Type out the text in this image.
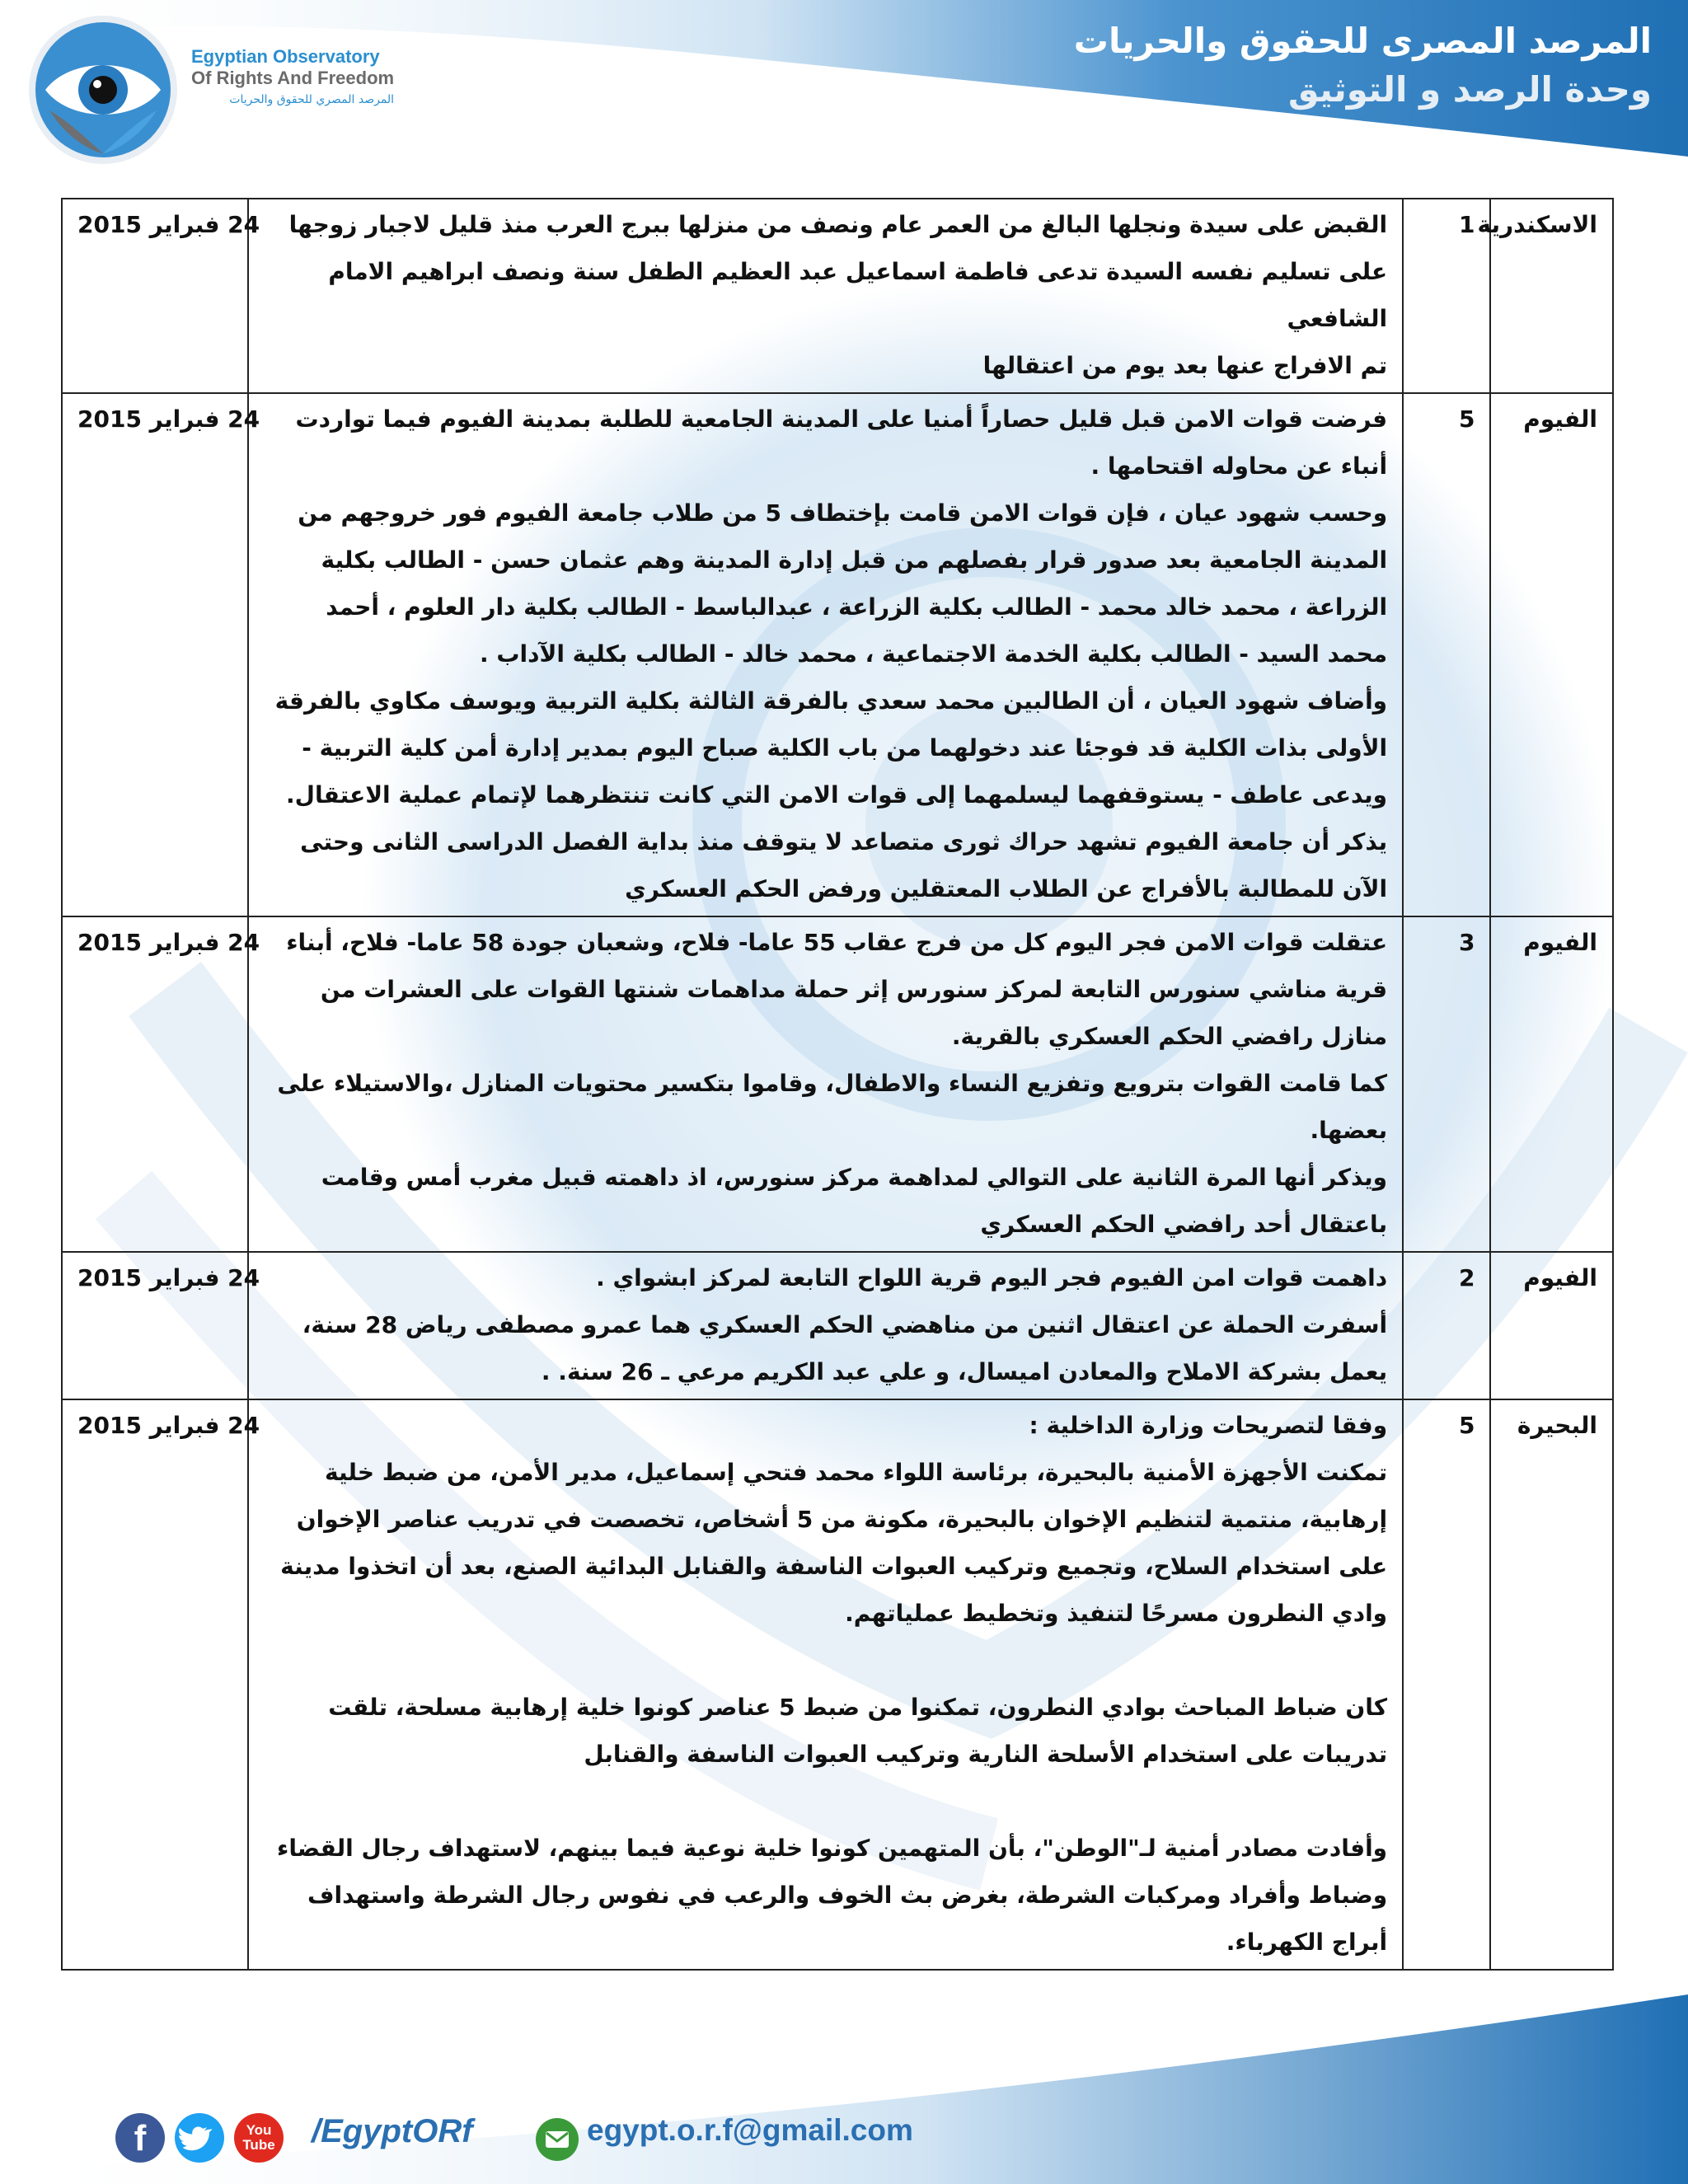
Egyptian Observatory
Of Rights And Freedom
المرصد المصري للحقوق والحريات
المرصد المصرى للحقوق والحريات
وحدة الرصد و التوثيق
الاسكندرية	1	القبض على سيدة ونجلها البالغ من العمر عام ونصف من منزلها ببرج العرب منذ قليل لاجبار زوجها على تسليم نفسه السيدة تدعى فاطمة اسماعيل عبد العظيم الطفل سنة ونصف ابراهيم الامام الشافعي
تم الافراج عنها بعد يوم من اعتقالها	24 فبراير 2015
الفيوم	5	فرضت قوات الامن قبل قليل حصاراً أمنيا على المدينة الجامعية للطلبة بمدينة الفيوم فيما تواردت أنباء عن محاوله اقتحامها .
وحسب شهود عيان ، فإن قوات الامن قامت بإختطاف 5 من طلاب جامعة الفيوم فور خروجهم من المدينة الجامعية بعد صدور قرار بفصلهم من قبل إدارة المدينة وهم عثمان حسن - الطالب بكلية الزراعة ، محمد خالد محمد - الطالب بكلية الزراعة ، عبدالباسط - الطالب بكلية دار العلوم ، أحمد محمد السيد - الطالب بكلية الخدمة الاجتماعية ، محمد خالد - الطالب بكلية الآداب .
وأضاف شهود العيان ، أن الطالبين محمد سعدي بالفرقة الثالثة بكلية التربية ويوسف مكاوي بالفرقة الأولى بذات الكلية قد فوجئا عند دخولهما من باب الكلية صباح اليوم بمدير إدارة أمن كلية التربية - ويدعى عاطف - يستوقفهما ليسلمهما إلى قوات الامن التي كانت تنتظرهما لإتمام عملية الاعتقال.
يذكر أن جامعة الفيوم تشهد حراك ثورى متصاعد لا يتوقف منذ بداية الفصل الدراسى الثانى وحتى الآن للمطالبة بالأفراج عن الطلاب المعتقلين ورفض الحكم العسكري	24 فبراير 2015
الفيوم	3	عتقلت قوات الامن فجر اليوم كل من فرج عقاب 55 عاما- فلاح، وشعبان جودة 58 عاما- فلاح، أبناء قرية مناشي سنورس التابعة لمركز سنورس إثر حملة مداهمات شنتها القوات على العشرات من منازل رافضي الحكم العسكري بالقرية.
كما قامت القوات بترويع وتفزيع النساء والاطفال، وقاموا بتكسير محتويات المنازل ،والاستيلاء على بعضها.
ويذكر أنها المرة الثانية على التوالي لمداهمة مركز سنورس، اذ داهمته قبيل مغرب أمس وقامت باعتقال أحد رافضي الحكم العسكري	24 فبراير 2015
الفيوم	2	داهمت قوات امن الفيوم فجر اليوم قرية اللواح التابعة لمركز ابشواي .
أسفرت الحملة عن اعتقال اثنين من مناهضي الحكم العسكري هما عمرو مصطفى رياض 28 سنة،
يعمل بشركة الاملاح والمعادن اميسال، و علي عبد الكريم مرعي ـ 26 سنة. .	24 فبراير 2015
البحيرة	5	وفقا لتصريحات وزارة الداخلية :
تمكنت الأجهزة الأمنية بالبحيرة، برئاسة اللواء محمد فتحي إسماعيل، مدير الأمن، من ضبط خلية إرهابية، منتمية لتنظيم الإخوان بالبحيرة، مكونة من 5 أشخاص، تخصصت في تدريب عناصر الإخوان على استخدام السلاح، وتجميع وتركيب العبوات الناسفة والقنابل البدائية الصنع، بعد أن اتخذوا مدينة وادي النطرون مسرحًا لتنفيذ وتخطيط عملياتهم.
كان ضباط المباحث بوادي النطرون، تمكنوا من ضبط 5 عناصر كونوا خلية إرهابية مسلحة، تلقت تدريبات على استخدام الأسلحة النارية وتركيب العبوات الناسفة والقنابل
وأفادت مصادر أمنية لـ"الوطن"، بأن المتهمين كونوا خلية نوعية فيما بينهم، لاستهداف رجال القضاء وضباط وأفراد ومركبات الشرطة، بغرض بث الخوف والرعب في نفوس رجال الشرطة واستهداف أبراج الكهرباء.	24 فبراير 2015
f	You
Tube /EgyptORf	egypt.o.r.f@gmail.com
